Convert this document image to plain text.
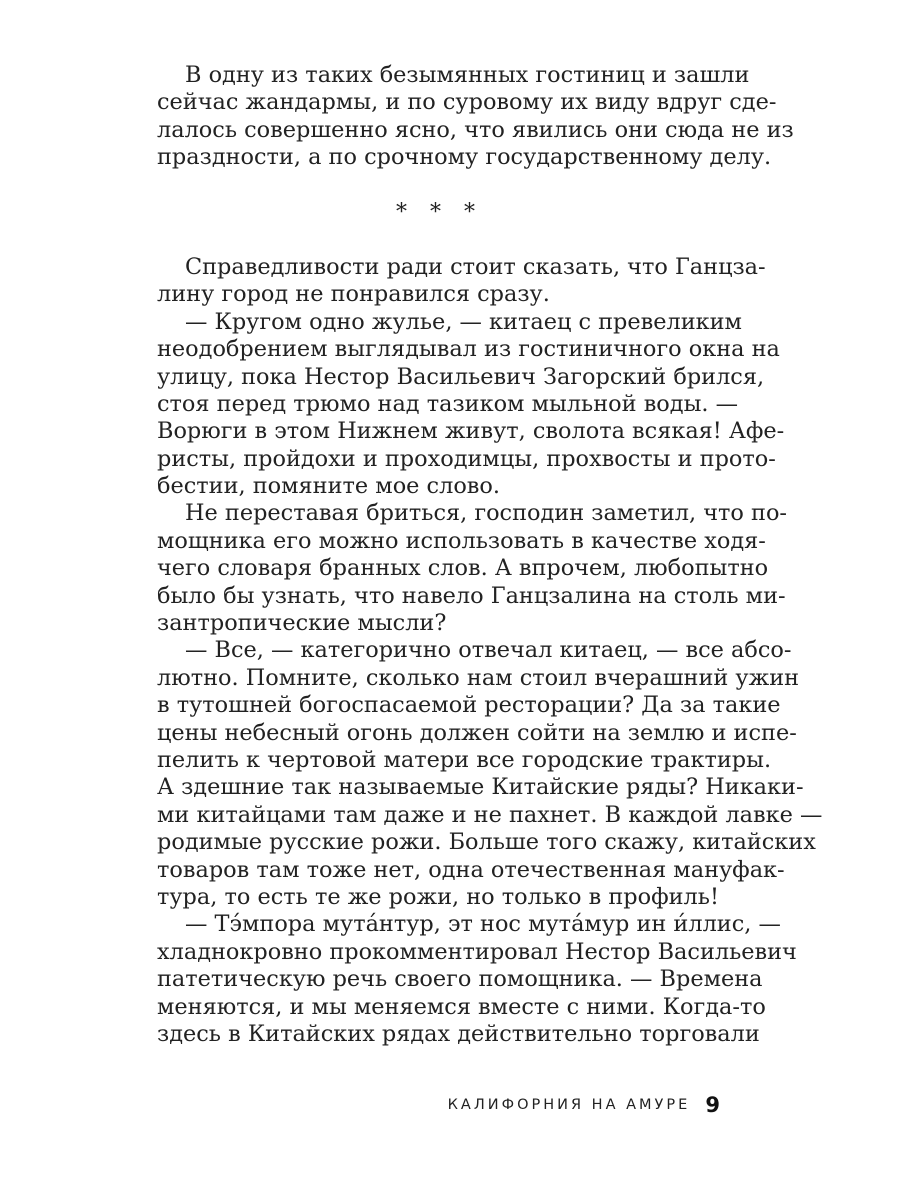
В одну из таких безымянных гостиниц и зашли
сейчас жандармы, и по суровому их виду вдруг сде-
лалось совершенно ясно, что явились они сюда не из
праздности, а по срочному государственному делу.
* * *
Справедливости ради стоит сказать, что Ганцза-
лину город не понравился сразу.
— Кругом одно жулье, — китаец с превеликим
неодобрением выглядывал из гостиничного окна на
улицу, пока Нестор Васильевич Загорский брился,
стоя перед трюмо над тазиком мыльной воды. —
Ворюги в этом Нижнем живут, сволота всякая! Афе-
ристы, пройдохи и проходимцы, прохвосты и прото-
бестии, помяните мое слово.
Не переставая бриться, господин заметил, что по-
мощника его можно использовать в качестве ходя-
чего словаря бранных слов. А впрочем, любопытно
было бы узнать, что навело Ганцзалина на столь ми-
зантропические мысли?
— Все, — категорично отвечал китаец, — все абсо-
лютно. Помните, сколько нам стоил вчерашний ужин
в тутошней богоспасаемой ресторации? Да за такие
цены небесный огонь должен сойти на землю и испе-
пелить к чертовой матери все городские трактиры.
А здешние так называемые Китайские ряды? Никаки-
ми китайцами там даже и не пахнет. В каждой лавке —
родимые русские рожи. Больше того скажу, китайских
товаров там тоже нет, одна отечественная мануфак-
тура, то есть те же рожи, но только в профиль!
— Тэ́мпора мута́нтур, эт нос мута́мур ин и́ллис, —
хладнокровно прокомментировал Нестор Васильевич
патетическую речь своего помощника. — Времена
меняются, и мы меняемся вместе с ними. Когда-то
здесь в Китайских рядах действительно торговали
КАЛИФОРНИЯ НА АМУРЕ 9
